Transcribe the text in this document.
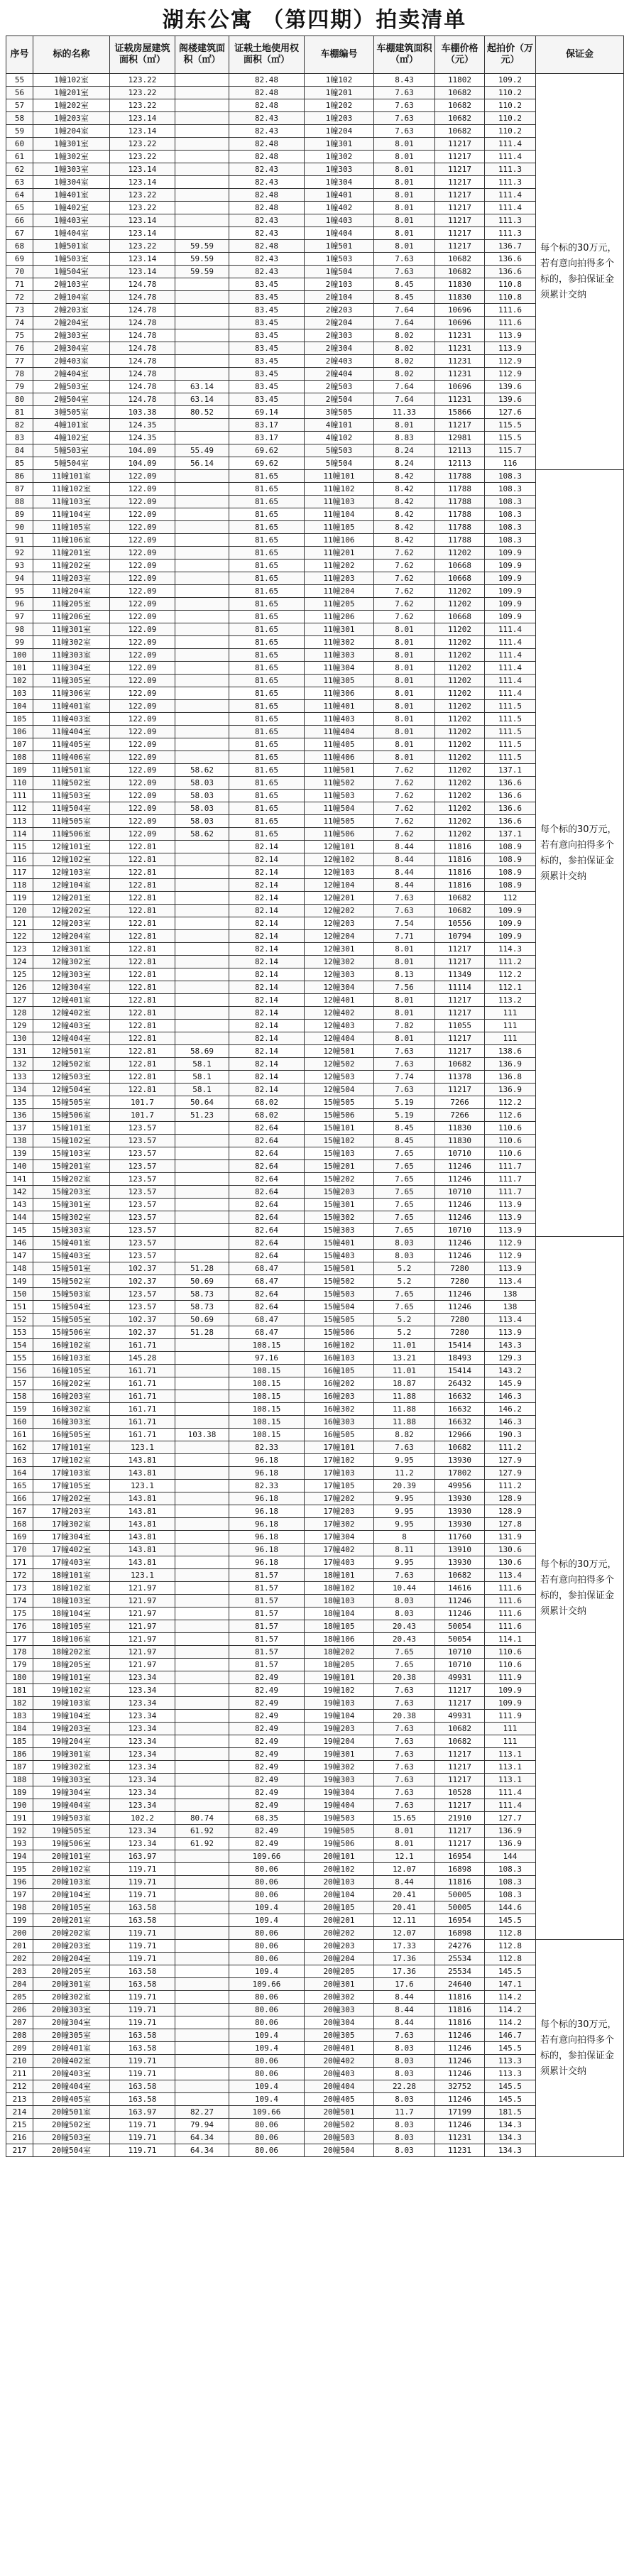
湖东公寓 （第四期）拍卖清单
序号	标的名称	证载房屋建筑面积（㎡）	阁楼建筑面积（㎡）	证载土地使用权面积（㎡）	车棚编号	车棚建筑面积（㎡）	车棚价格（元）	起拍价（万元）	保证金
55	1幢102室	123.22		82.48	1幢102	8.43	11802	109.2	每个标的30万元，若有意向拍得多个标的，参拍保证金须累计交纳
56	1幢201室	123.22		82.48	1幢201	7.63	10682	110.2	
57	1幢202室	123.22		82.48	1幢202	7.63	10682	110.2	
58	1幢203室	123.14		82.43	1幢203	7.63	10682	110.2	
59	1幢204室	123.14		82.43	1幢204	7.63	10682	110.2	
60	1幢301室	123.22		82.48	1幢301	8.01	11217	111.4	
61	1幢302室	123.22		82.48	1幢302	8.01	11217	111.4	
62	1幢303室	123.14		82.43	1幢303	8.01	11217	111.3	
63	1幢304室	123.14		82.43	1幢304	8.01	11217	111.3	
64	1幢401室	123.22		82.48	1幢401	8.01	11217	111.4	
65	1幢402室	123.22		82.48	1幢402	8.01	11217	111.4	
66	1幢403室	123.14		82.43	1幢403	8.01	11217	111.3	
67	1幢404室	123.14		82.43	1幢404	8.01	11217	111.3	
68	1幢501室	123.22	59.59	82.48	1幢501	8.01	11217	136.7	
69	1幢503室	123.14	59.59	82.43	1幢503	7.63	10682	136.6	
70	1幢504室	123.14	59.59	82.43	1幢504	7.63	10682	136.6	
71	2幢103室	124.78		83.45	2幢103	8.45	11830	110.8	
72	2幢104室	124.78		83.45	2幢104	8.45	11830	110.8	
73	2幢203室	124.78		83.45	2幢203	7.64	10696	111.6	
74	2幢204室	124.78		83.45	2幢204	7.64	10696	111.6	
75	2幢303室	124.78		83.45	2幢303	8.02	11231	113.9	
76	2幢304室	124.78		83.45	2幢304	8.02	11231	113.9	
77	2幢403室	124.78		83.45	2幢403	8.02	11231	112.9	
78	2幢404室	124.78		83.45	2幢404	8.02	11231	112.9	
79	2幢503室	124.78	63.14	83.45	2幢503	7.64	10696	139.6	
80	2幢504室	124.78	63.14	83.45	2幢504	7.64	11231	139.6	
81	3幢505室	103.38	80.52	69.14	3幢505	11.33	15866	127.6	
82	4幢101室	124.35		83.17	4幢101	8.01	11217	115.5	
83	4幢102室	124.35		83.17	4幢102	8.83	12981	115.5	
84	5幢503室	104.09	55.49	69.62	5幢503	8.24	12113	115.7	
85	5幢504室	104.09	56.14	69.62	5幢504	8.24	12113	116	
86	11幢101室	122.09		81.65	11幢101	8.42	11788	108.3	每个标的30万元，若有意向拍得多个标的，参拍保证金须累计交纳
87	11幢102室	122.09		81.65	11幢102	8.42	11788	108.3	
88	11幢103室	122.09		81.65	11幢103	8.42	11788	108.3	
89	11幢104室	122.09		81.65	11幢104	8.42	11788	108.3	
90	11幢105室	122.09		81.65	11幢105	8.42	11788	108.3	
91	11幢106室	122.09		81.65	11幢106	8.42	11788	108.3	
92	11幢201室	122.09		81.65	11幢201	7.62	11202	109.9	
93	11幢202室	122.09		81.65	11幢202	7.62	10668	109.9	
94	11幢203室	122.09		81.65	11幢203	7.62	10668	109.9	
95	11幢204室	122.09		81.65	11幢204	7.62	11202	109.9	
96	11幢205室	122.09		81.65	11幢205	7.62	11202	109.9	
97	11幢206室	122.09		81.65	11幢206	7.62	10668	109.9	
98	11幢301室	122.09		81.65	11幢301	8.01	11202	111.4	
99	11幢302室	122.09		81.65	11幢302	8.01	11202	111.4	
100	11幢303室	122.09		81.65	11幢303	8.01	11202	111.4	
101	11幢304室	122.09		81.65	11幢304	8.01	11202	111.4	
102	11幢305室	122.09		81.65	11幢305	8.01	11202	111.4	
103	11幢306室	122.09		81.65	11幢306	8.01	11202	111.4	
104	11幢401室	122.09		81.65	11幢401	8.01	11202	111.5	
105	11幢403室	122.09		81.65	11幢403	8.01	11202	111.5	
106	11幢404室	122.09		81.65	11幢404	8.01	11202	111.5	
107	11幢405室	122.09		81.65	11幢405	8.01	11202	111.5	
108	11幢406室	122.09		81.65	11幢406	8.01	11202	111.5	
109	11幢501室	122.09	58.62	81.65	11幢501	7.62	11202	137.1	
110	11幢502室	122.09	58.03	81.65	11幢502	7.62	11202	136.6	
111	11幢503室	122.09	58.03	81.65	11幢503	7.62	11202	136.6	
112	11幢504室	122.09	58.03	81.65	11幢504	7.62	11202	136.6	
113	11幢505室	122.09	58.03	81.65	11幢505	7.62	11202	136.6	
114	11幢506室	122.09	58.62	81.65	11幢506	7.62	11202	137.1	
115	12幢101室	122.81		82.14	12幢101	8.44	11816	108.9	
116	12幢102室	122.81		82.14	12幢102	8.44	11816	108.9	
117	12幢103室	122.81		82.14	12幢103	8.44	11816	108.9	
118	12幢104室	122.81		82.14	12幢104	8.44	11816	108.9	
119	12幢201室	122.81		82.14	12幢201	7.63	10682	112	
120	12幢202室	122.81		82.14	12幢202	7.63	10682	109.9	
121	12幢203室	122.81		82.14	12幢203	7.54	10556	109.9	
122	12幢204室	122.81		82.14	12幢204	7.71	10794	109.9	
123	12幢301室	122.81		82.14	12幢301	8.01	11217	114.3	
124	12幢302室	122.81		82.14	12幢302	8.01	11217	111.2	
125	12幢303室	122.81		82.14	12幢303	8.13	11349	112.2	
126	12幢304室	122.81		82.14	12幢304	7.56	11114	112.1	
127	12幢401室	122.81		82.14	12幢401	8.01	11217	113.2	
128	12幢402室	122.81		82.14	12幢402	8.01	11217	111	
129	12幢403室	122.81		82.14	12幢403	7.82	11055	111	
130	12幢404室	122.81		82.14	12幢404	8.01	11217	111	
131	12幢501室	122.81	58.69	82.14	12幢501	7.63	11217	138.6	
132	12幢502室	122.81	58.1	82.14	12幢502	7.63	10682	136.9	
133	12幢503室	122.81	58.1	82.14	12幢503	7.74	11378	136.8	
134	12幢504室	122.81	58.1	82.14	12幢504	7.63	11217	136.9	
135	15幢505室	101.7	50.64	68.02	15幢505	5.19	7266	112.2	
136	15幢506室	101.7	51.23	68.02	15幢506	5.19	7266	112.6	
137	15幢101室	123.57		82.64	15幢101	8.45	11830	110.6	
138	15幢102室	123.57		82.64	15幢102	8.45	11830	110.6	
139	15幢103室	123.57		82.64	15幢103	7.65	10710	110.6	
140	15幢201室	123.57		82.64	15幢201	7.65	11246	111.7	
141	15幢202室	123.57		82.64	15幢202	7.65	11246	111.7	
142	15幢203室	123.57		82.64	15幢203	7.65	10710	111.7	
143	15幢301室	123.57		82.64	15幢301	7.65	11246	113.9	
144	15幢302室	123.57		82.64	15幢302	7.65	11246	113.9	
145	15幢303室	123.57		82.64	15幢303	7.65	10710	113.9	
146	15幢401室	123.57		82.64	15幢401	8.03	11246	112.9	每个标的30万元，若有意向拍得多个标的，参拍保证金须累计交纳
147	15幢403室	123.57		82.64	15幢403	8.03	11246	112.9	
148	15幢501室	102.37	51.28	68.47	15幢501	5.2	7280	113.9	
149	15幢502室	102.37	50.69	68.47	15幢502	5.2	7280	113.4	
150	15幢503室	123.57	58.73	82.64	15幢503	7.65	11246	138	
151	15幢504室	123.57	58.73	82.64	15幢504	7.65	11246	138	
152	15幢505室	102.37	50.69	68.47	15幢505	5.2	7280	113.4	
153	15幢506室	102.37	51.28	68.47	15幢506	5.2	7280	113.9	
154	16幢102室	161.71		108.15	16幢102	11.01	15414	143.3	
155	16幢103室	145.28		97.16	16幢103	13.21	18493	129.3	
156	16幢105室	161.71		108.15	16幢105	11.01	15414	143.2	
157	16幢202室	161.71		108.15	16幢202	18.87	26432	145.9	
158	16幢203室	161.71		108.15	16幢203	11.88	16632	146.3	
159	16幢302室	161.71		108.15	16幢302	11.88	16632	146.2	
160	16幢303室	161.71		108.15	16幢303	11.88	16632	146.3	
161	16幢505室	161.71	103.38	108.15	16幢505	8.82	12966	190.3	
162	17幢101室	123.1		82.33	17幢101	7.63	10682	111.2	
163	17幢102室	143.81		96.18	17幢102	9.95	13930	127.9	
164	17幢103室	143.81		96.18	17幢103	11.2	17802	127.9	
165	17幢105室	123.1		82.33	17幢105	20.39	49956	111.2	
166	17幢202室	143.81		96.18	17幢202	9.95	13930	128.9	
167	17幢203室	143.81		96.18	17幢203	9.95	13930	128.9	
168	17幢302室	143.81		96.18	17幢302	9.95	13930	127.8	
169	17幢304室	143.81		96.18	17幢304	8	11760	131.9	
170	17幢402室	143.81		96.18	17幢402	8.11	13910	130.6	
171	17幢403室	143.81		96.18	17幢403	9.95	13930	130.6	
172	18幢101室	123.1		81.57	18幢101	7.63	10682	113.4	
173	18幢102室	121.97		81.57	18幢102	10.44	14616	111.6	
174	18幢103室	121.97		81.57	18幢103	8.03	11246	111.6	
175	18幢104室	121.97		81.57	18幢104	8.03	11246	111.6	
176	18幢105室	121.97		81.57	18幢105	20.43	50054	111.6	
177	18幢106室	121.97		81.57	18幢106	20.43	50054	114.1	
178	18幢202室	121.97		81.57	18幢202	7.65	10710	110.6	
179	18幢205室	121.97		81.57	18幢205	7.65	10710	110.6	
180	19幢101室	123.34		82.49	19幢101	20.38	49931	111.9	
181	19幢102室	123.34		82.49	19幢102	7.63	11217	109.9	
182	19幢103室	123.34		82.49	19幢103	7.63	11217	109.9	
183	19幢104室	123.34		82.49	19幢104	20.38	49931	111.9	
184	19幢203室	123.34		82.49	19幢203	7.63	10682	111	
185	19幢204室	123.34		82.49	19幢204	7.63	10682	111	
186	19幢301室	123.34		82.49	19幢301	7.63	11217	113.1	
187	19幢302室	123.34		82.49	19幢302	7.63	11217	113.1	
188	19幢303室	123.34		82.49	19幢303	7.63	11217	113.1	
189	19幢304室	123.34		82.49	19幢304	7.63	10528	111.4	
190	19幢404室	123.34		82.49	19幢404	7.63	11217	111.4	
191	19幢503室	102.2	80.74	68.35	19幢503	15.65	21910	127.7	
192	19幢505室	123.34	61.92	82.49	19幢505	8.01	11217	136.9	
193	19幢506室	123.34	61.92	82.49	19幢506	8.01	11217	136.9	
194	20幢101室	163.97		109.66	20幢101	12.1	16954	144	
195	20幢102室	119.71		80.06	20幢102	12.07	16898	108.3	
196	20幢103室	119.71		80.06	20幢103	8.44	11816	108.3	
197	20幢104室	119.71		80.06	20幢104	20.41	50005	108.3	
198	20幢105室	163.58		109.4	20幢105	20.41	50005	144.6	
199	20幢201室	163.58		109.4	20幢201	12.11	16954	145.5	
200	20幢202室	119.71		80.06	20幢202	12.07	16898	112.8	
201	20幢203室	119.71		80.06	20幢203	17.33	24276	112.8	每个标的30万元，若有意向拍得多个标的，参拍保证金须累计交纳
202	20幢204室	119.71		80.06	20幢204	17.36	25534	112.8	
203	20幢205室	163.58		109.4	20幢205	17.36	25534	145.5	
204	20幢301室	163.58		109.66	20幢301	17.6	24640	147.1	
205	20幢302室	119.71		80.06	20幢302	8.44	11816	114.2	
206	20幢303室	119.71		80.06	20幢303	8.44	11816	114.2	
207	20幢304室	119.71		80.06	20幢304	8.44	11816	114.2	
208	20幢305室	163.58		109.4	20幢305	7.63	11246	146.7	
209	20幢401室	163.58		109.4	20幢401	8.03	11246	145.5	
210	20幢402室	119.71		80.06	20幢402	8.03	11246	113.3	
211	20幢403室	119.71		80.06	20幢403	8.03	11246	113.3	
212	20幢404室	163.58		109.4	20幢404	22.28	32752	145.5	
213	20幢405室	163.58		109.4	20幢405	8.03	11246	145.5	
214	20幢501室	163.97	82.27	109.66	20幢501	11.7	17199	181.5	
215	20幢502室	119.71	79.94	80.06	20幢502	8.03	11246	134.3	
216	20幢503室	119.71	64.34	80.06	20幢503	8.03	11231	134.3	
217	20幢504室	119.71	64.34	80.06	20幢504	8.03	11231	134.3	
